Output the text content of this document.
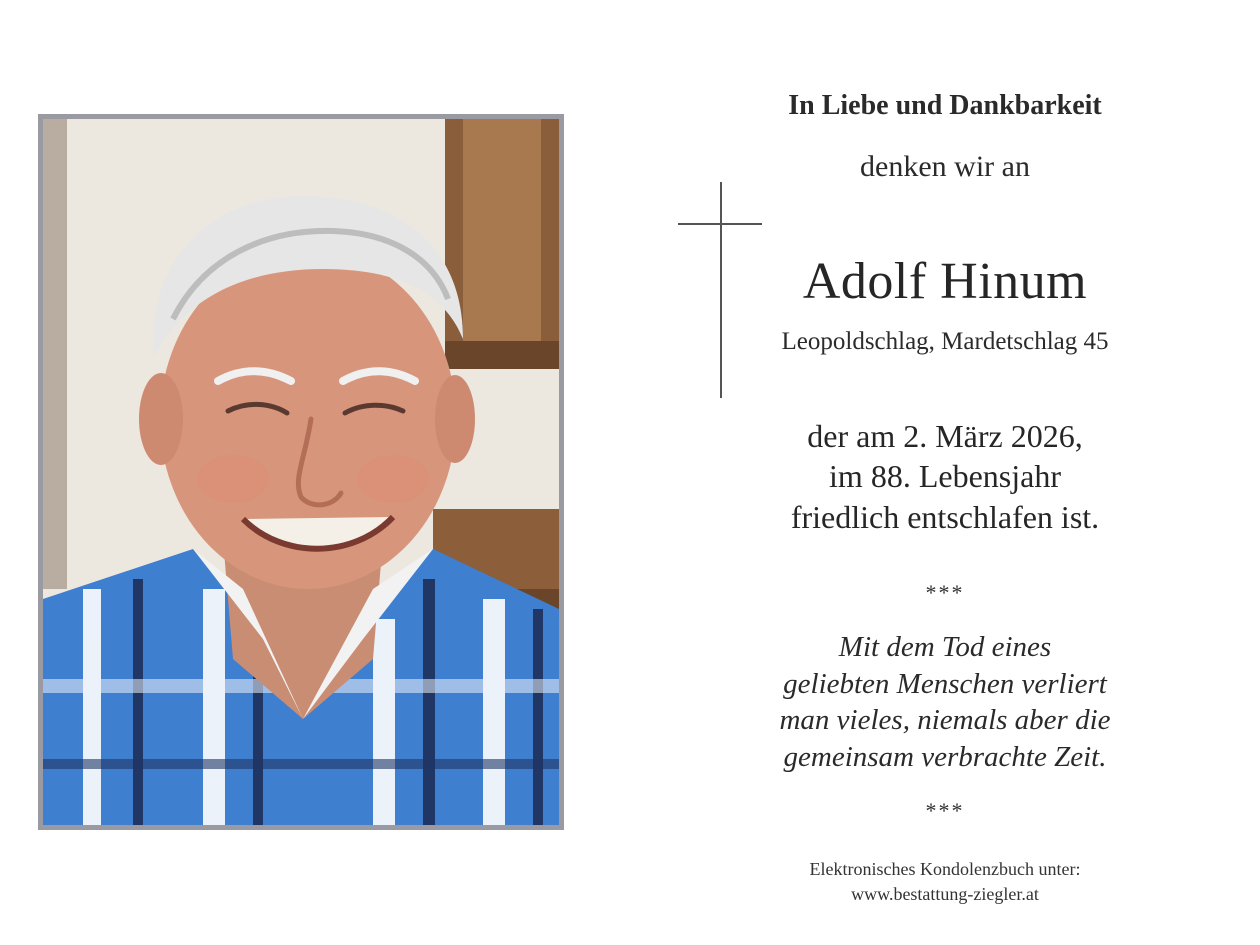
In Liebe und Dankbarkeit
denken wir an
Adolf Hinum
Leopoldschlag, Mardetschlag 45
der am 2. März 2026,
im 88. Lebensjahr
friedlich entschlafen ist.
***
Mit dem Tod eines
geliebten Menschen verliert
man vieles, niemals aber die
gemeinsam verbrachte Zeit.
***
Elektronisches Kondolenzbuch unter:
www.bestattung-ziegler.at
